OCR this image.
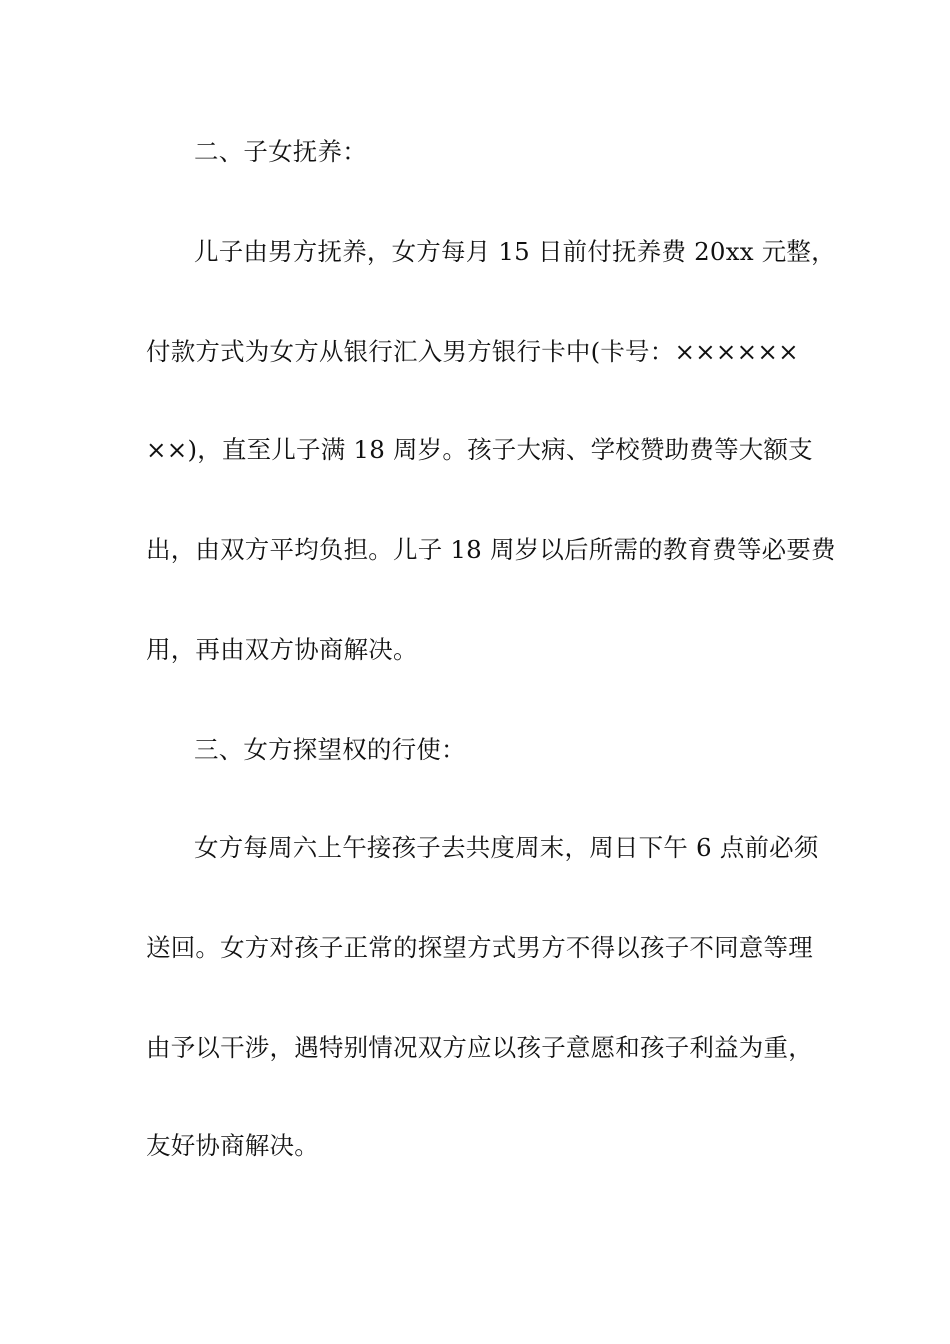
二、子女抚养：
儿子由男方抚养，女方每月 15 日前付抚养费 20xx 元整，
付款方式为女方从银行汇入男方银行卡中(卡号：××××××
××)，直至儿子满 18 周岁。孩子大病、学校赞助费等大额支
出，由双方平均负担。儿子 18 周岁以后所需的教育费等必要费
用，再由双方协商解决。
三、女方探望权的行使：
女方每周六上午接孩子去共度周末，周日下午 6 点前必须
送回。女方对孩子正常的探望方式男方不得以孩子不同意等理
由予以干涉，遇特别情况双方应以孩子意愿和孩子利益为重，
友好协商解决。
